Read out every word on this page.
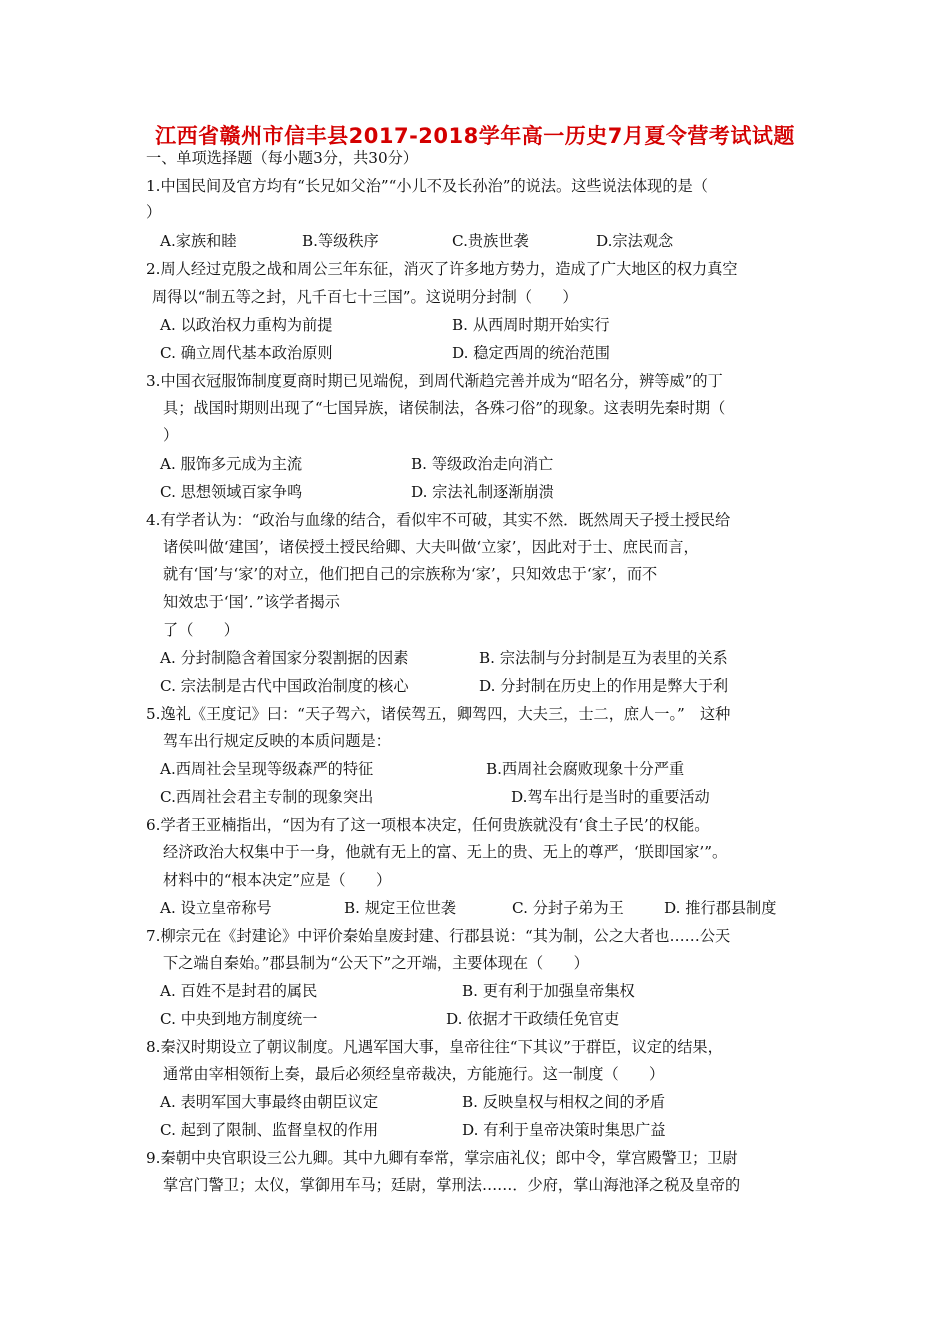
江西省赣州市信丰县2017-2018学年高一历史7月夏令营考试试题
一、单项选择题（每小题3分，共30分）
1.中国民间及官方均有“长兄如父治”“小儿不及长孙治”的说法。这些说法体现的是（
）
A.家族和睦	B.等级秩序	C.贵族世袭	D.宗法观念
2.周人经过克殷之战和周公三年东征，消灭了许多地方势力，造成了广大地区的权力真空
周得以“制五等之封，凡千百七十三国”。这说明分封制（　　）
A. 以政治权力重构为前提	B. 从西周时期开始实行
C. 确立周代基本政治原则	D. 稳定西周的统治范围
3.中国衣冠服饰制度夏商时期已见端倪，到周代渐趋完善并成为“昭名分，辨等威”的丁
具；战国时期则出现了“七国异族，诸侯制法，各殊刁俗”的现象。这表明先秦时期（
）
A. 服饰多元成为主流	B. 等级政治走向消亡
C. 思想领域百家争鸣	D. 宗法礼制逐渐崩溃
4.有学者认为：“政治与血缘的结合，看似牢不可破，其实不然．既然周天子授土授民给
诸侯叫做‘建国’，诸侯授土授民给卿、大夫叫做‘立家’，因此对于士、庶民而言，
就有‘国’与‘家’的对立，他们把自己的宗族称为‘家’，只知效忠于‘家’，而不
知效忠于‘国’．”该学者揭示
了（　　）
A. 分封制隐含着国家分裂割据的因素	B. 宗法制与分封制是互为表里的关系
C. 宗法制是古代中国政治制度的核心	D. 分封制在历史上的作用是弊大于利
5.逸礼《王度记》曰：“天子驾六，诸侯驾五，卿驾四，大夫三，士二，庶人一。”　这种
驾车出行规定反映的本质问题是：
A.西周社会呈现等级森严的特征	B.西周社会腐败现象十分严重
C.西周社会君主专制的现象突出	D.驾车出行是当时的重要活动
6.学者王亚楠指出，“因为有了这一项根本决定，任何贵族就没有‘食土子民’的权能。
经济政治大权集中于一身，他就有无上的富、无上的贵、无上的尊严，‘朕即国家’”。
材料中的“根本决定”应是（　　）
A. 设立皇帝称号	B. 规定王位世袭	C. 分封子弟为王	D. 推行郡县制度
7.柳宗元在《封建论》中评价秦始皇废封建、行郡县说：“其为制，公之大者也……公天
下之端自秦始。”郡县制为“公天下”之开端，主要体现在（　　）
A. 百姓不是封君的属民	B. 更有利于加强皇帝集权
C. 中央到地方制度统一	D. 依据才干政绩任免官吏
8.秦汉时期设立了朝议制度。凡遇军国大事，皇帝往往“下其议”于群臣，议定的结果，
通常由宰相领衔上奏，最后必须经皇帝裁决，方能施行。这一制度（　　）
A. 表明军国大事最终由朝臣议定	B. 反映皇权与相权之间的矛盾
C. 起到了限制、监督皇权的作用	D. 有利于皇帝决策时集思广益
9.秦朝中央官职设三公九卿。其中九卿有奉常，掌宗庙礼仪；郎中令，掌宫殿警卫；卫尉
掌宫门警卫；太仪，掌御用车马；廷尉，掌刑法……．少府，掌山海池泽之税及皇帝的
